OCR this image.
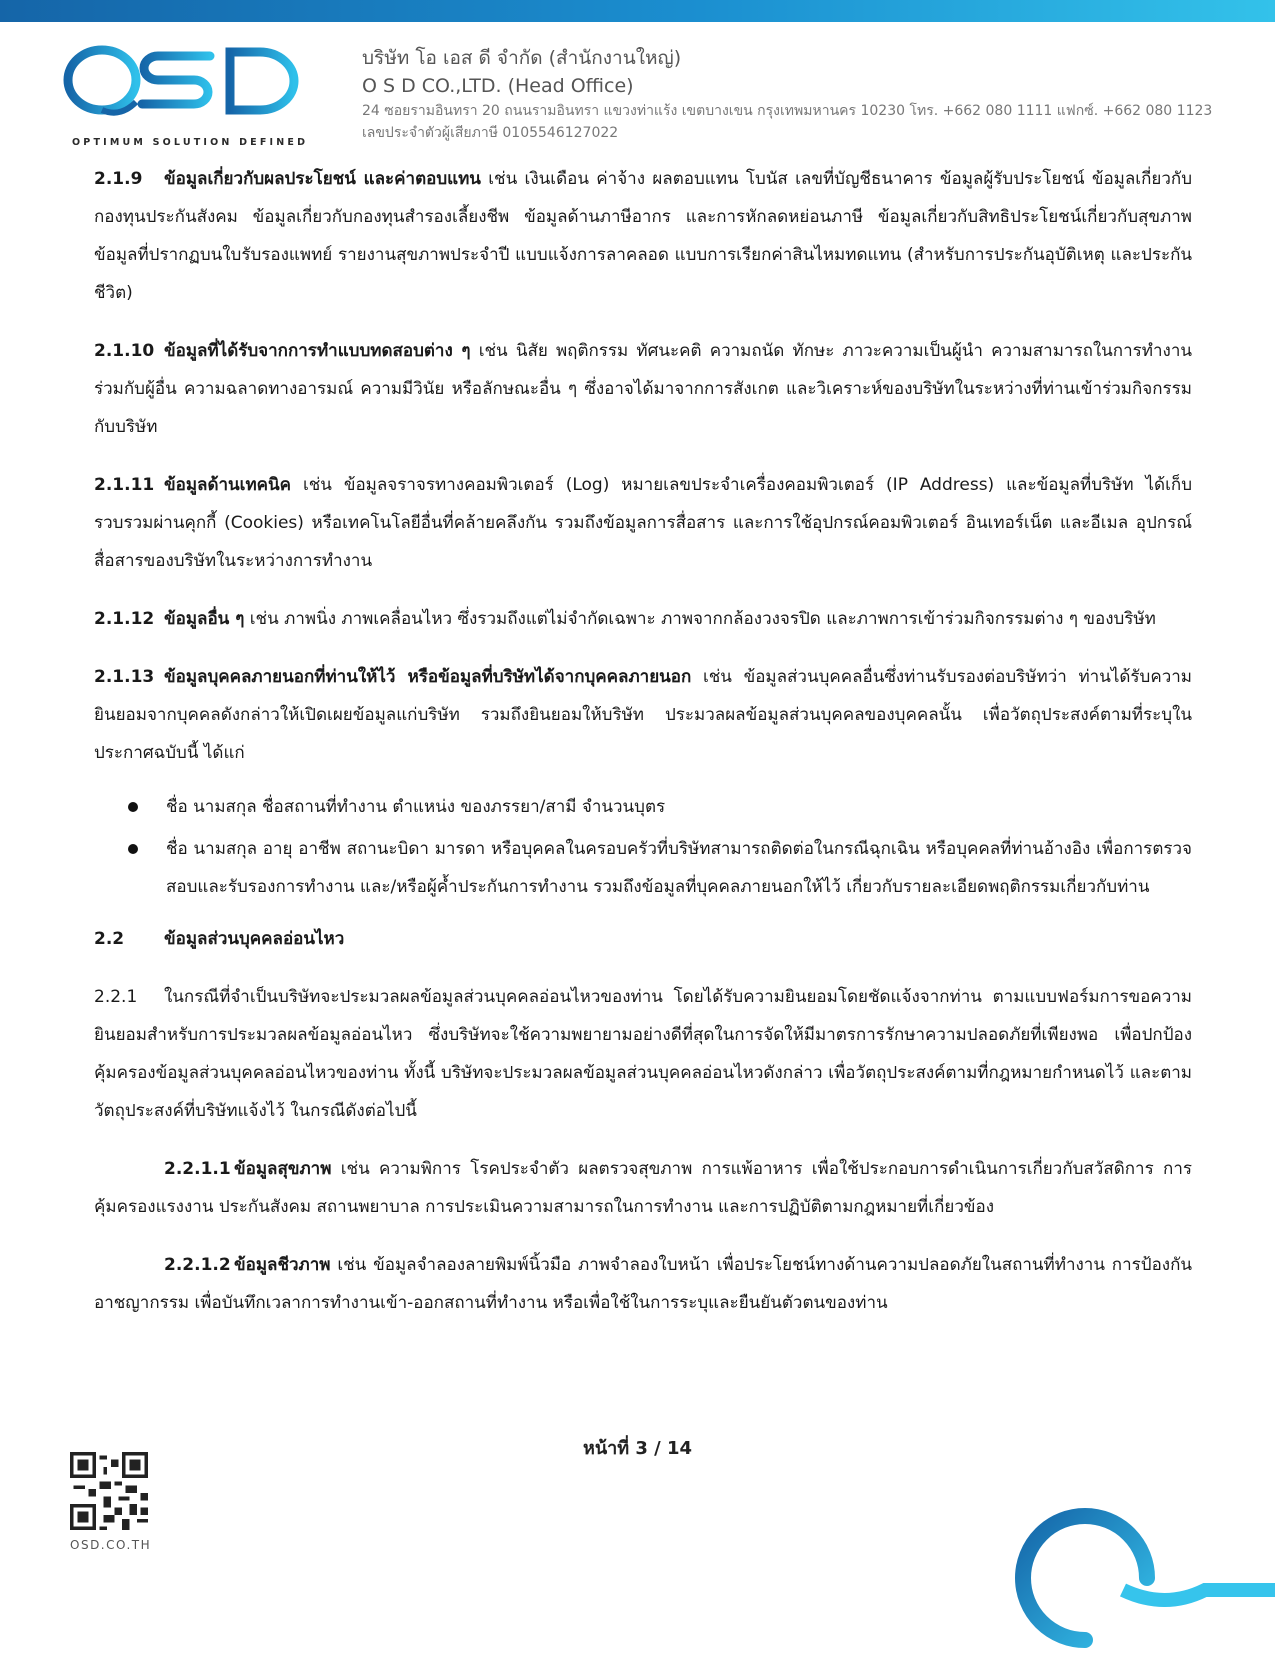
OPTIMUM SOLUTION DEFINED
บริษัท โอ เอส ดี จำกัด (สำนักงานใหญ่)
O S D CO.,LTD. (Head Office)
24 ซอยรามอินทรา 20 ถนนรามอินทรา แขวงท่าแร้ง เขตบางเขน กรุงเทพมหานคร 10230 โทร. +662 080 1111 แฟกซ์. +662 080 1123
เลขประจำตัวผู้เสียภาษี 0105546127022

2.1.9 ข้อมูลเกี่ยวกับผลประโยชน์ และค่าตอบแทน เช่น เงินเดือน ค่าจ้าง ผลตอบแทน โบนัส เลขที่บัญชีธนาคาร ข้อมูลผู้รับประโยชน์ ข้อมูลเกี่ยวกับกองทุนประกันสังคม ข้อมูลเกี่ยวกับกองทุนสำรองเลี้ยงชีพ ข้อมูลด้านภาษีอากร และการหักลดหย่อนภาษี ข้อมูลเกี่ยวกับสิทธิประโยชน์เกี่ยวกับสุขภาพ ข้อมูลที่ปรากฏบนใบรับรองแพทย์ รายงานสุขภาพประจำปี แบบแจ้งการลาคลอด แบบการเรียกค่าสินไหมทดแทน (สำหรับการประกันอุบัติเหตุ และประกันชีวิต)

2.1.10 ข้อมูลที่ได้รับจากการทำแบบทดสอบต่าง ๆ เช่น นิสัย พฤติกรรม ทัศนะคติ ความถนัด ทักษะ ภาวะความเป็นผู้นำ ความสามารถในการทำงานร่วมกับผู้อื่น ความฉลาดทางอารมณ์ ความมีวินัย หรือลักษณะอื่น ๆ ซึ่งอาจได้มาจากการสังเกต และวิเคราะห์ของบริษัทในระหว่างที่ท่านเข้าร่วมกิจกรรมกับบริษัท

2.1.11 ข้อมูลด้านเทคนิค เช่น ข้อมูลจราจรทางคอมพิวเตอร์ (Log) หมายเลขประจำเครื่องคอมพิวเตอร์ (IP Address) และข้อมูลที่บริษัท ได้เก็บรวบรวมผ่านคุกกี้ (Cookies) หรือเทคโนโลยีอื่นที่คล้ายคลึงกัน รวมถึงข้อมูลการสื่อสาร และการใช้อุปกรณ์คอมพิวเตอร์ อินเทอร์เน็ต และอีเมล อุปกรณ์สื่อสารของบริษัทในระหว่างการทำงาน

2.1.12 ข้อมูลอื่น ๆ เช่น ภาพนิ่ง ภาพเคลื่อนไหว ซึ่งรวมถึงแต่ไม่จำกัดเฉพาะ ภาพจากกล้องวงจรปิด และภาพการเข้าร่วมกิจกรรมต่าง ๆ ของบริษัท

2.1.13 ข้อมูลบุคคลภายนอกที่ท่านให้ไว้ หรือข้อมูลที่บริษัทได้จากบุคคลภายนอก เช่น ข้อมูลส่วนบุคคลอื่นซึ่งท่านรับรองต่อบริษัทว่า ท่านได้รับความยินยอมจากบุคคลดังกล่าวให้เปิดเผยข้อมูลแก่บริษัท รวมถึงยินยอมให้บริษัท ประมวลผลข้อมูลส่วนบุคคลของบุคคลนั้น เพื่อวัตถุประสงค์ตามที่ระบุในประกาศฉบับนี้ ได้แก่

ชื่อ นามสกุล ชื่อสถานที่ทำงาน ตำแหน่ง ของภรรยา/สามี จำนวนบุตร
ชื่อ นามสกุล อายุ อาชีพ สถานะบิดา มารดา หรือบุคคลในครอบครัวที่บริษัทสามารถติดต่อในกรณีฉุกเฉิน หรือบุคคลที่ท่านอ้างอิง เพื่อการตรวจสอบและรับรองการทำงาน และ/หรือผู้ค้ำประกันการทำงาน รวมถึงข้อมูลที่บุคคลภายนอกให้ไว้ เกี่ยวกับรายละเอียดพฤติกรรมเกี่ยวกับท่าน
2.2 ข้อมูลส่วนบุคคลอ่อนไหว

2.2.1 ในกรณีที่จำเป็นบริษัทจะประมวลผลข้อมูลส่วนบุคคลอ่อนไหวของท่าน โดยได้รับความยินยอมโดยชัดแจ้งจากท่าน ตามแบบฟอร์มการขอความยินยอมสำหรับการประมวลผลข้อมูลอ่อนไหว ซึ่งบริษัทจะใช้ความพยายามอย่างดีที่สุดในการจัดให้มีมาตรการรักษาความปลอดภัยที่เพียงพอ เพื่อปกป้องคุ้มครองข้อมูลส่วนบุคคลอ่อนไหวของท่าน ทั้งนี้ บริษัทจะประมวลผลข้อมูลส่วนบุคคลอ่อนไหวดังกล่าว เพื่อวัตถุประสงค์ตามที่กฎหมายกำหนดไว้ และตามวัตถุประสงค์ที่บริษัทแจ้งไว้ ในกรณีดังต่อไปนี้

2.2.1.1 ข้อมูลสุขภาพ เช่น ความพิการ โรคประจำตัว ผลตรวจสุขภาพ การแพ้อาหาร เพื่อใช้ประกอบการดำเนินการเกี่ยวกับสวัสดิการ การคุ้มครองแรงงาน ประกันสังคม สถานพยาบาล การประเมินความสามารถในการทำงาน และการปฏิบัติตามกฎหมายที่เกี่ยวข้อง

2.2.1.2 ข้อมูลชีวภาพ เช่น ข้อมูลจำลองลายพิมพ์นิ้วมือ ภาพจำลองใบหน้า เพื่อประโยชน์ทางด้านความปลอดภัยในสถานที่ทำงาน การป้องกันอาชญากรรม เพื่อบันทึกเวลาการทำงานเข้า-ออกสถานที่ทำงาน หรือเพื่อใช้ในการระบุและยืนยันตัวตนของท่าน

หน้าที่ 3 / 14
OSD.CO.TH
